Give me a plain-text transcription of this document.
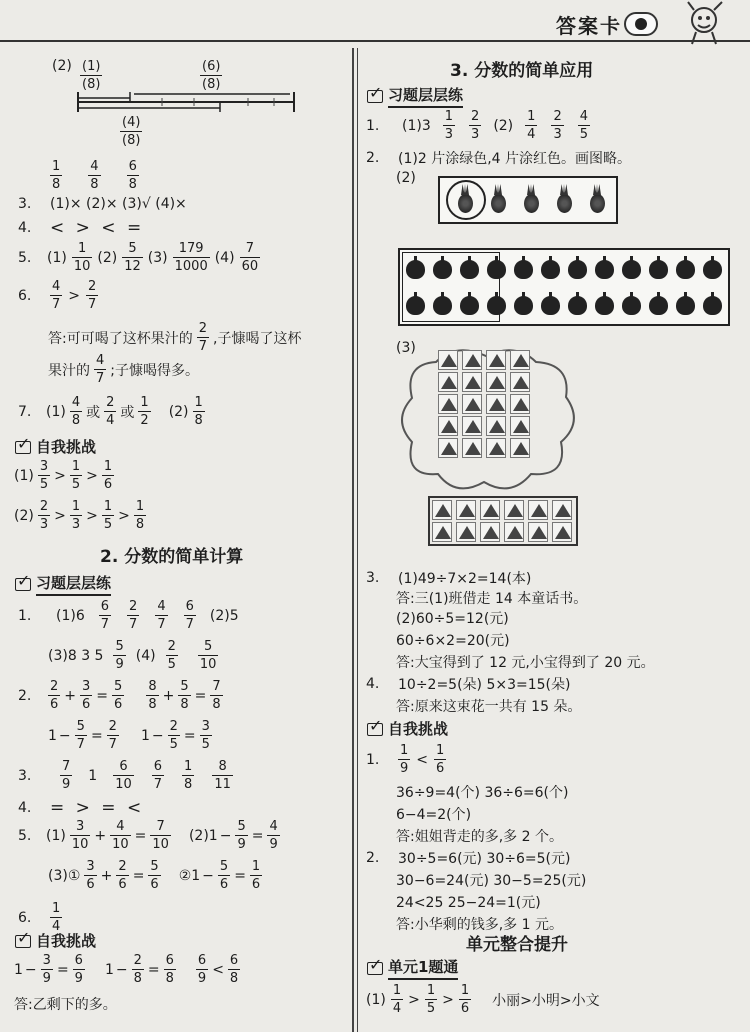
答案卡
$(2) \frac{(1)}{(8)}$	$\frac{(6)}{(8)}$
$\frac{(4)}{(8)}$
$\frac{1}{8} \frac{4}{8} \frac{6}{8}$
3.	(1)× (2)× (3)√ (4)×
4.	< > < =
5.	$(1) \frac{1}{10} (2) \frac{5}{12} (3) \frac{179}{1000} (4) \frac{7}{60}$
6.	$\frac{4}{7} > \frac{2}{7}$
答:可可喝了这杯果汁的 $\frac{2}{7}$ ,子慷喝了这杯
果汁的 $\frac{4}{7}$ ;子慷喝得多。
7.	$(1) \frac{4}{8}$ 或 $\frac{2}{4}$ 或 $\frac{1}{2} (2) \frac{1}{8}$
✓
自我挑战
$(1) \frac{3}{5} > \frac{1}{5} > \frac{1}{6}$
$(2) \frac{2}{3} > \frac{1}{3} > \frac{1}{5} > \frac{1}{8}$
2. 分数的简单计算
✓
习题层层练
1.	$(1)6 \frac{6}{7} \frac{2}{7} \frac{4}{7} \frac{6}{7} (2)5$
(3)8 3 $5 \frac{5}{9} (4) \frac{2}{5} \frac{5}{10}$
2.	$\frac{2}{6} + \frac{3}{6} = \frac{5}{6} \frac{8}{8} + \frac{5}{8} = \frac{7}{8}$
$1 - \frac{5}{7} = \frac{2}{7} 1 - \frac{2}{5} = \frac{3}{5}$
3.	$\frac{7}{9} 1 \frac{6}{10} \frac{6}{7} \frac{1}{8} \frac{8}{11}$
4.	= > = <
5.	$(1) \frac{3}{10} + \frac{4}{10} = \frac{7}{10} (2)1 - \frac{5}{9} = \frac{4}{9}$
(3)① $\frac{3}{6} + \frac{2}{6} = \frac{5}{6}$ ②1 − $\frac{5}{6} = \frac{1}{6}$
6.	$\frac{1}{4}$
✓
自我挑战
$1 - \frac{3}{9} = \frac{6}{9} 1 - \frac{2}{8} = \frac{6}{8} \frac{6}{9} < \frac{6}{8}$
答:乙剩下的多。
3. 分数的简单应用
✓
习题层层练
1.	$(1)3 \frac{1}{3} \frac{2}{3} (2) \frac{1}{4} \frac{2}{3} \frac{4}{5}$
2.	(1)2 片涂绿色,4 片涂红色。画图略。
(2)
(3)
3.	(1)49÷7×2=14(本)
答:三(1)班借走 14 本童话书。
(2)60÷5=12(元)
60÷6×2=20(元)
答:大宝得到了 12 元,小宝得到了 20 元。
4.	10÷2=5(朵) 5×3=15(朵)
答:原来这束花一共有 15 朵。
✓
自我挑战
1.	$\frac{1}{9} < \frac{1}{6}$
36÷9=4(个) 36÷6=6(个)
6−4=2(个)
答:姐姐背走的多,多 2 个。
2.	30÷5=6(元) 30÷6=5(元)
30−6=24(元) 30−5=25(元)
24<25 25−24=1(元)
答:小华剩的钱多,多 1 元。
单元整合提升
✓
单元1题通
$(1) \frac{1}{4} > \frac{1}{5} > \frac{1}{6}$ 小丽>小明>小文
